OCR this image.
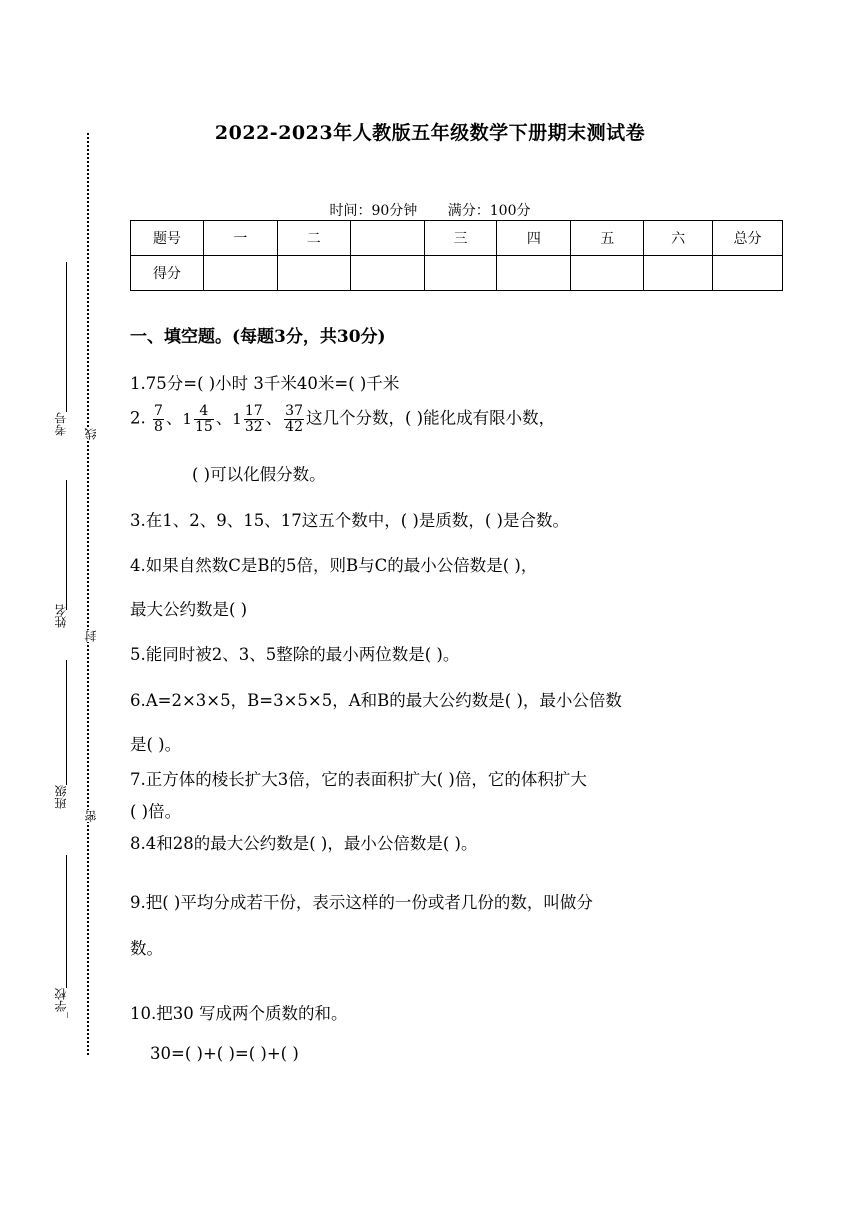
考号
姓名
班级
_学校
线
封
密
2022-2023年人教版五年级数学下册期末测试卷
时间：90分钟 满分：100分
题号	一	二		三	四	五	六	总分
得分								
一、填空题。(每题3分，共30分)
1.75分=( )小时 3千米40米=( )千米
2. $\frac{7}{8}$ 、$1 \frac{4}{15}$ 、$1 \frac{17}{32}$ 、 $\frac{37}{42}$ 这几个分数，( )能化成有限小数，
( )可以化假分数。
3.在1、2、9、15、17这五个数中，( )是质数，( )是合数。
4.如果自然数C是B的5倍，则B与C的最小公倍数是( )，
最大公约数是( )
5.能同时被2、3、5整除的最小两位数是( )。
6.A=2×3×5，B=3×5×5，A和B的最大公约数是( )，最小公倍数
是( )。
7.正方体的棱长扩大3倍，它的表面积扩大( )倍，它的体积扩大
( )倍。
8.4和28的最大公约数是( )，最小公倍数是( )。
9.把( )平均分成若干份，表示这样的一份或者几份的数，叫做分
数。
10.把30 写成两个质数的和。
30=( )+( )=( )+( )
